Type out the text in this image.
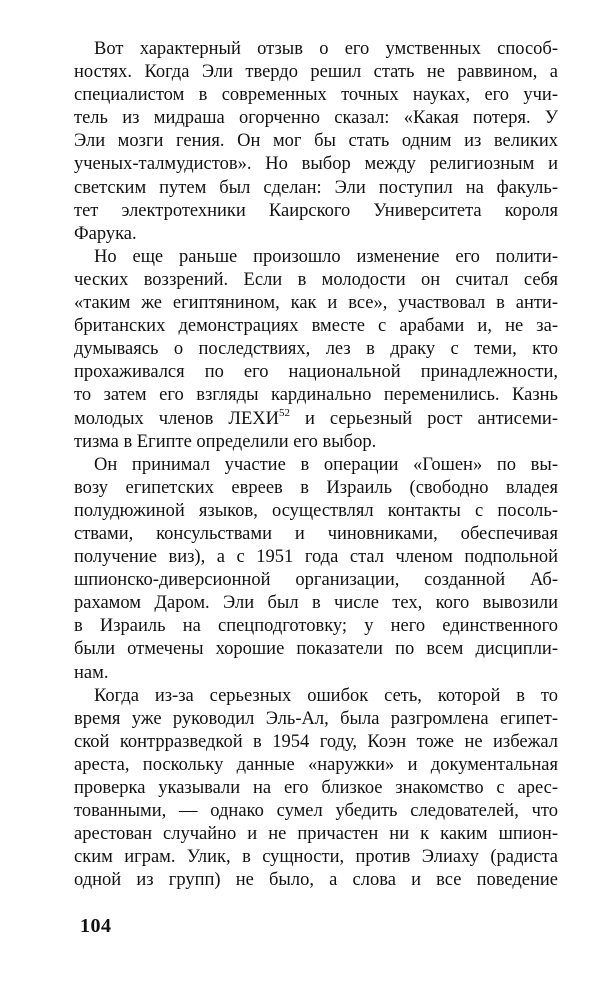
Вот характерный отзыв о его умственных способ-
ностях. Когда Эли твердо решил стать не раввином, а
специалистом в современных точных науках, его учи-
тель из мидраша огорченно сказал: «Какая потеря. У
Эли мозги гения. Он мог бы стать одним из великих
ученых-талмудистов». Но выбор между религиозным и
светским путем был сделан: Эли поступил на факуль-
тет электротехники Каирского Университета короля
Фарука.
Но еще раньше произошло изменение его полити-
ческих воззрений. Если в молодости он считал себя
«таким же египтянином, как и все», участвовал в анти-
британских демонстрациях вместе с арабами и, не за-
думываясь о последствиях, лез в драку с теми, кто
прохаживался по его национальной принадлежности,
то затем его взгляды кардинально переменились. Казнь
молодых членов ЛЕХИ$^{52}$ и серьезный рост антисеми-
тизма в Египте определили его выбор.
Он принимал участие в операции «Гошен» по вы-
возу египетских евреев в Израиль (свободно владея
полудюжиной языков, осуществлял контакты с посоль-
ствами, консульствами и чиновниками, обеспечивая
получение виз), а с 1951 года стал членом подпольной
шпионско-диверсионной организации, созданной Аб-
рахамом Даром. Эли был в числе тех, кого вывозили
в Израиль на спецподготовку; у него единственного
были отмечены хорошие показатели по всем дисципли-
нам.
Когда из-за серьезных ошибок сеть, которой в то
время уже руководил Эль-Ал, была разгромлена египет-
ской контрразведкой в 1954 году, Коэн тоже не избежал
ареста, поскольку данные «наружки» и документальная
проверка указывали на его близкое знакомство с арес-
тованными, — однако сумел убедить следователей, что
арестован случайно и не причастен ни к каким шпион-
ским играм. Улик, в сущности, против Элиаху (радиста
одной из групп) не было, а слова и все поведение
104
